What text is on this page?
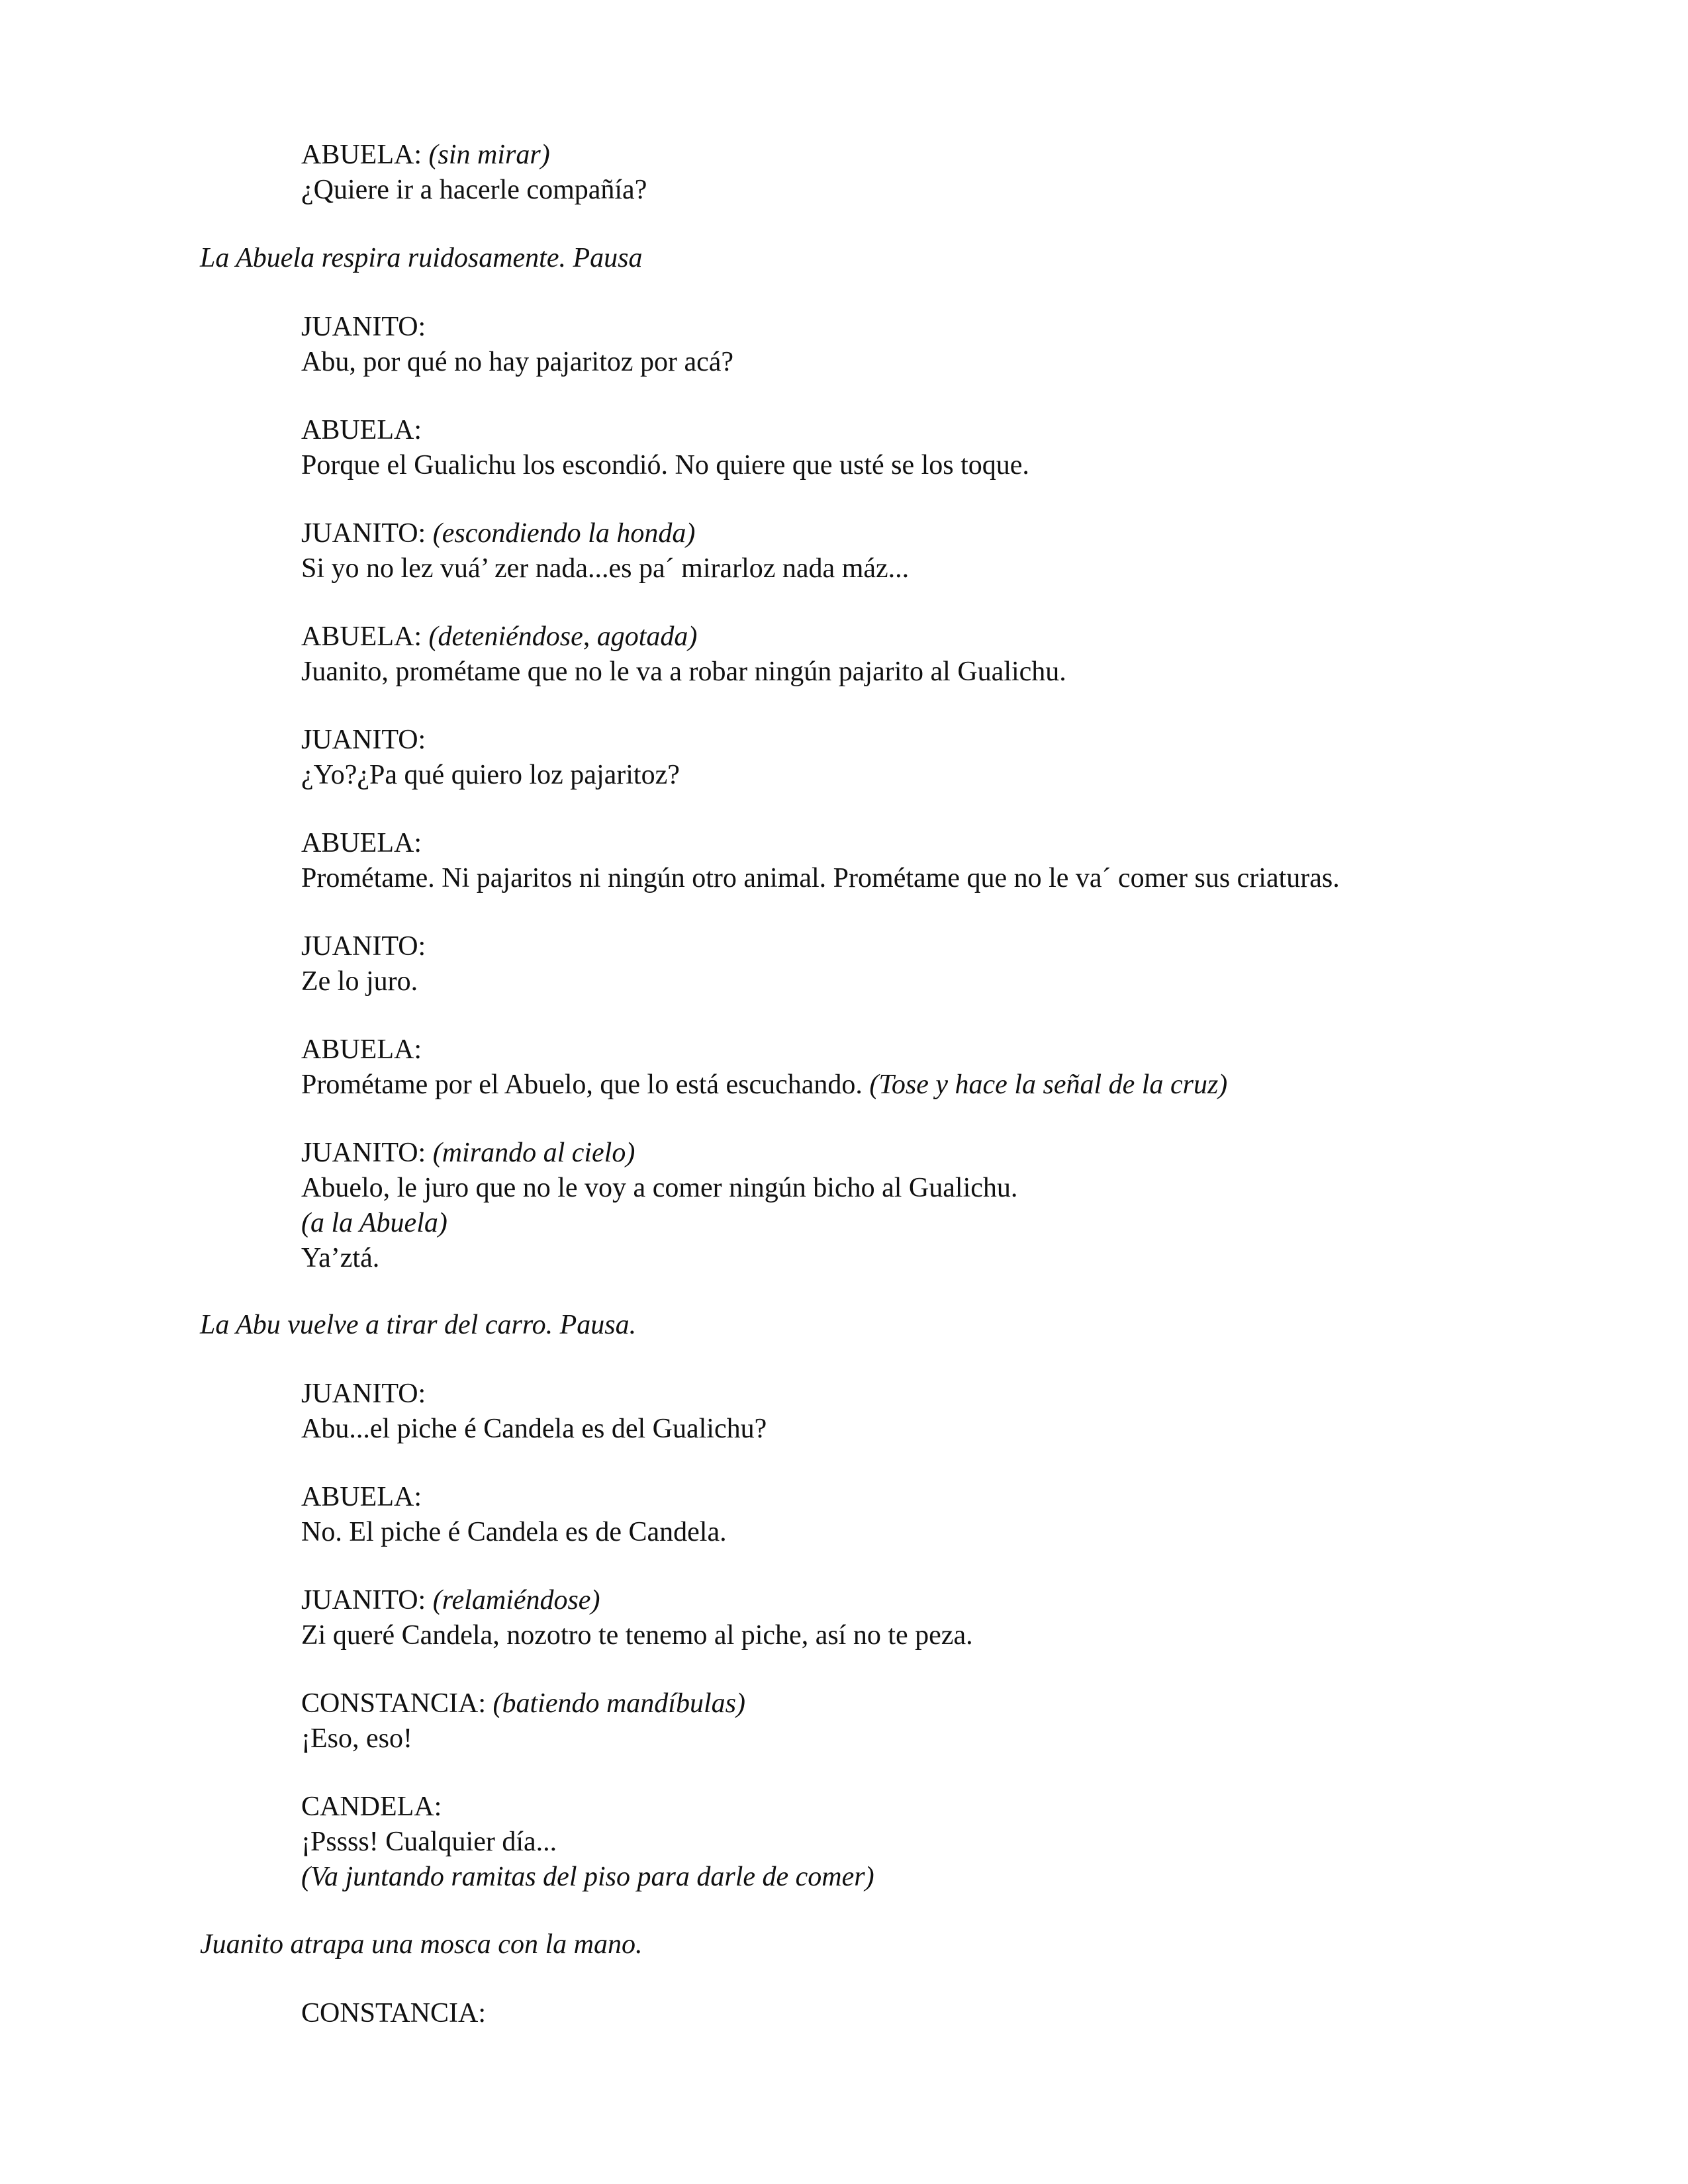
ABUELA: (sin mirar)
¿Quiere ir a hacerle compañía?
La Abuela respira ruidosamente. Pausa
JUANITO:
Abu, por qué no hay pajaritoz por acá?
ABUELA:
Porque el Gualichu los escondió. No quiere que usté se los toque.
JUANITO: (escondiendo la honda)
Si yo no lez vuá’ zer nada...es pa´ mirarloz nada máz...
ABUELA: (deteniéndose, agotada)
Juanito, prométame que no le va a robar ningún pajarito al Gualichu.
JUANITO:
¿Yo?¿Pa qué quiero loz pajaritoz?
ABUELA:
Prométame. Ni pajaritos ni ningún otro animal. Prométame que no le va´ comer sus criaturas.
JUANITO:
Ze lo juro.
ABUELA:
Prométame por el Abuelo, que lo está escuchando. (Tose y hace la señal de la cruz)
JUANITO: (mirando al cielo)
Abuelo, le juro que no le voy a comer ningún bicho al Gualichu.
(a la Abuela)
Ya’ztá.
La Abu vuelve a tirar del carro. Pausa.
JUANITO:
Abu...el piche é Candela es del Gualichu?
ABUELA:
No. El piche é Candela es de Candela.
JUANITO: (relamiéndose)
Zi queré Candela, nozotro te tenemo al piche, así no te peza.
CONSTANCIA: (batiendo mandíbulas)
¡Eso, eso!
CANDELA:
¡Pssss! Cualquier día...
(Va juntando ramitas del piso para darle de comer)
Juanito atrapa una mosca con la mano.
CONSTANCIA:
